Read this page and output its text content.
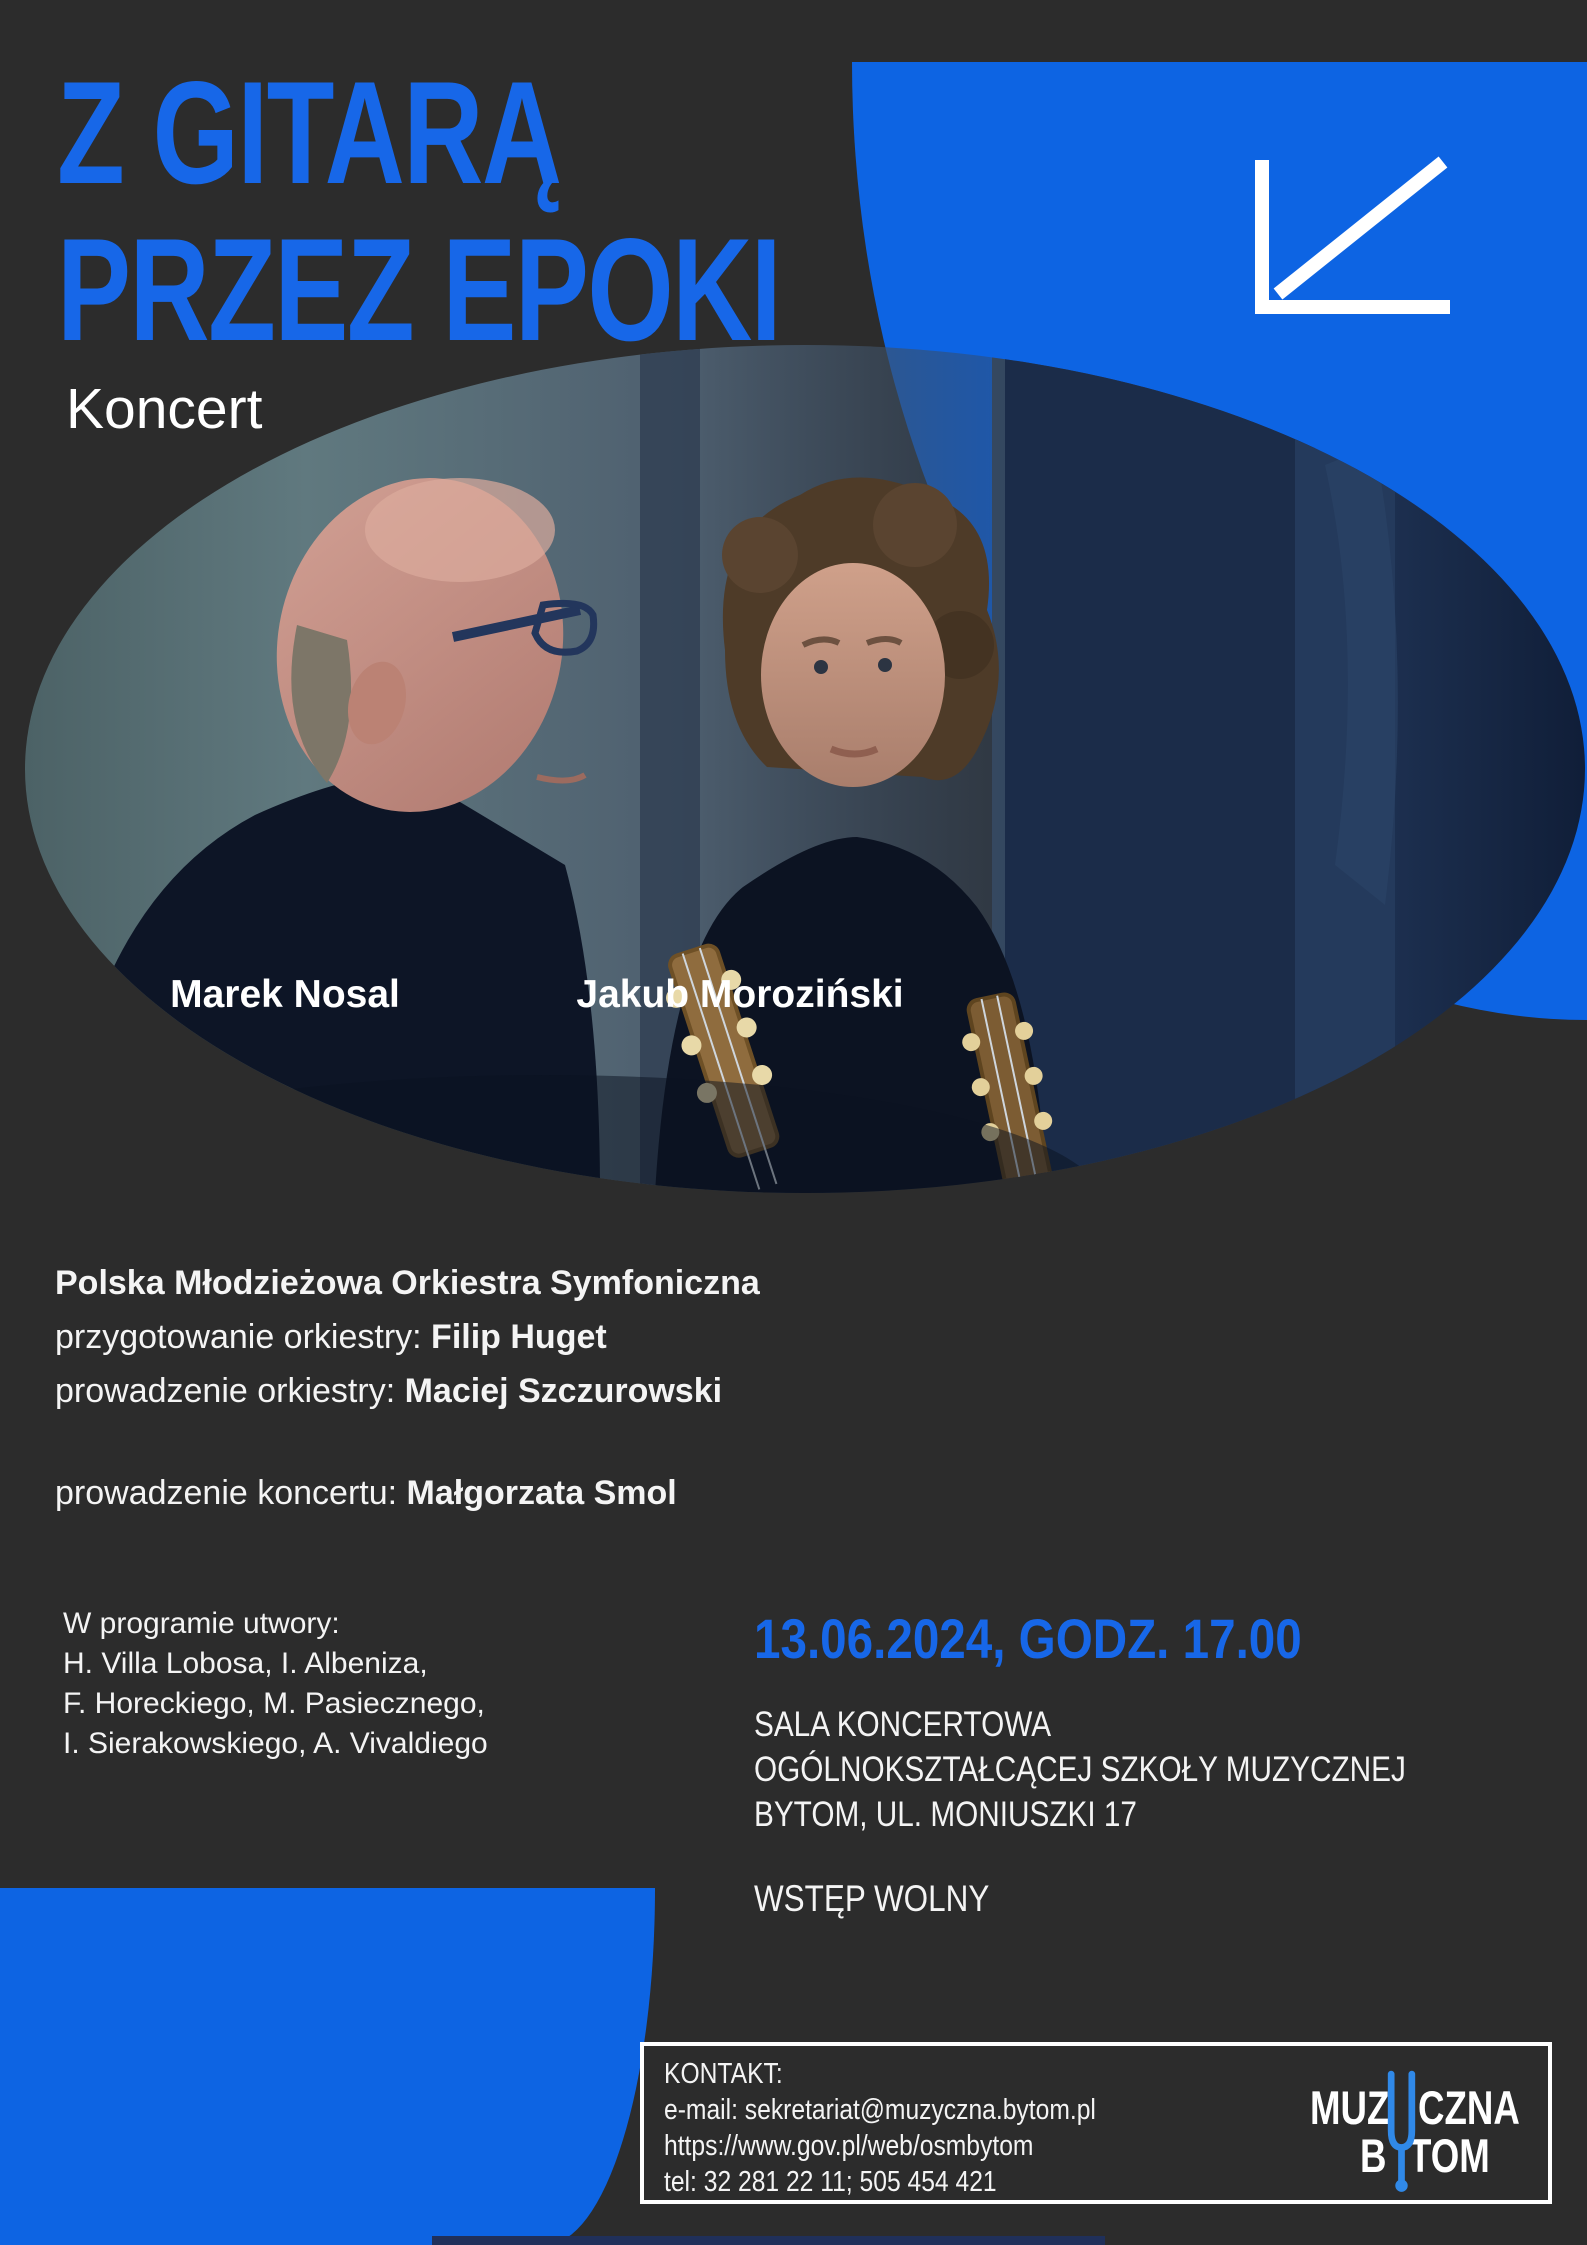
Z GITARĄ
PRZEZ EPOKI
Koncert
Marek Nosal	Jakub Moroziński
Polska Młodzieżowa Orkiestra Symfoniczna
przygotowanie orkiestry: Filip Huget
prowadzenie orkiestry: Maciej Szczurowski
prowadzenie koncertu: Małgorzata Smol
W programie utwory:
H. Villa Lobosa, I. Albeniza,
F. Horeckiego, M. Pasiecznego,
I. Sierakowskiego, A. Vivaldiego
13.06.2024, GODZ. 17.00
SALA KONCERTOWA
OGÓLNOKSZTAŁCĄCEJ SZKOŁY MUZYCZNEJ
BYTOM, UL. MONIUSZKI 17
WSTĘP WOLNY
KONTAKT:
e-mail: sekretariat@muzyczna.bytom.pl
https://www.gov.pl/web/osmbytom
tel: 32 281 22 11; 505 454 421
MUZ CZNA
B TOM
